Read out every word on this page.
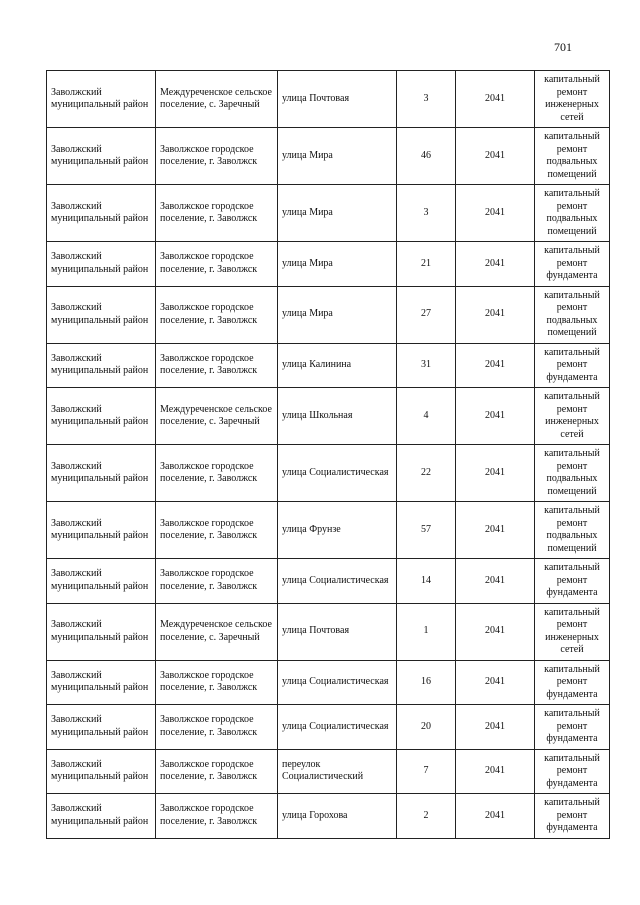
701
Заволжский муниципальный район	Междуреченское сельское поселение, с. Заречный	улица Почтовая	3	2041	капитальный ремонт инженерных сетей
Заволжский муниципальный район	Заволжское городское поселение, г. Заволжск	улица Мира	46	2041	капитальный ремонт подвальных помещений
Заволжский муниципальный район	Заволжское городское поселение, г. Заволжск	улица Мира	3	2041	капитальный ремонт подвальных помещений
Заволжский муниципальный район	Заволжское городское поселение, г. Заволжск	улица Мира	21	2041	капитальный ремонт фундамента
Заволжский муниципальный район	Заволжское городское поселение, г. Заволжск	улица Мира	27	2041	капитальный ремонт подвальных помещений
Заволжский муниципальный район	Заволжское городское поселение, г. Заволжск	улица Калинина	31	2041	капитальный ремонт фундамента
Заволжский муниципальный район	Междуреченское сельское поселение, с. Заречный	улица Школьная	4	2041	капитальный ремонт инженерных сетей
Заволжский муниципальный район	Заволжское городское поселение, г. Заволжск	улица Социалистическая	22	2041	капитальный ремонт подвальных помещений
Заволжский муниципальный район	Заволжское городское поселение, г. Заволжск	улица Фрунзе	57	2041	капитальный ремонт подвальных помещений
Заволжский муниципальный район	Заволжское городское поселение, г. Заволжск	улица Социалистическая	14	2041	капитальный ремонт фундамента
Заволжский муниципальный район	Междуреченское сельское поселение, с. Заречный	улица Почтовая	1	2041	капитальный ремонт инженерных сетей
Заволжский муниципальный район	Заволжское городское поселение, г. Заволжск	улица Социалистическая	16	2041	капитальный ремонт фундамента
Заволжский муниципальный район	Заволжское городское поселение, г. Заволжск	улица Социалистическая	20	2041	капитальный ремонт фундамента
Заволжский муниципальный район	Заволжское городское поселение, г. Заволжск	переулок Социалистический	7	2041	капитальный ремонт фундамента
Заволжский муниципальный район	Заволжское городское поселение, г. Заволжск	улица Горохова	2	2041	капитальный ремонт фундамента
